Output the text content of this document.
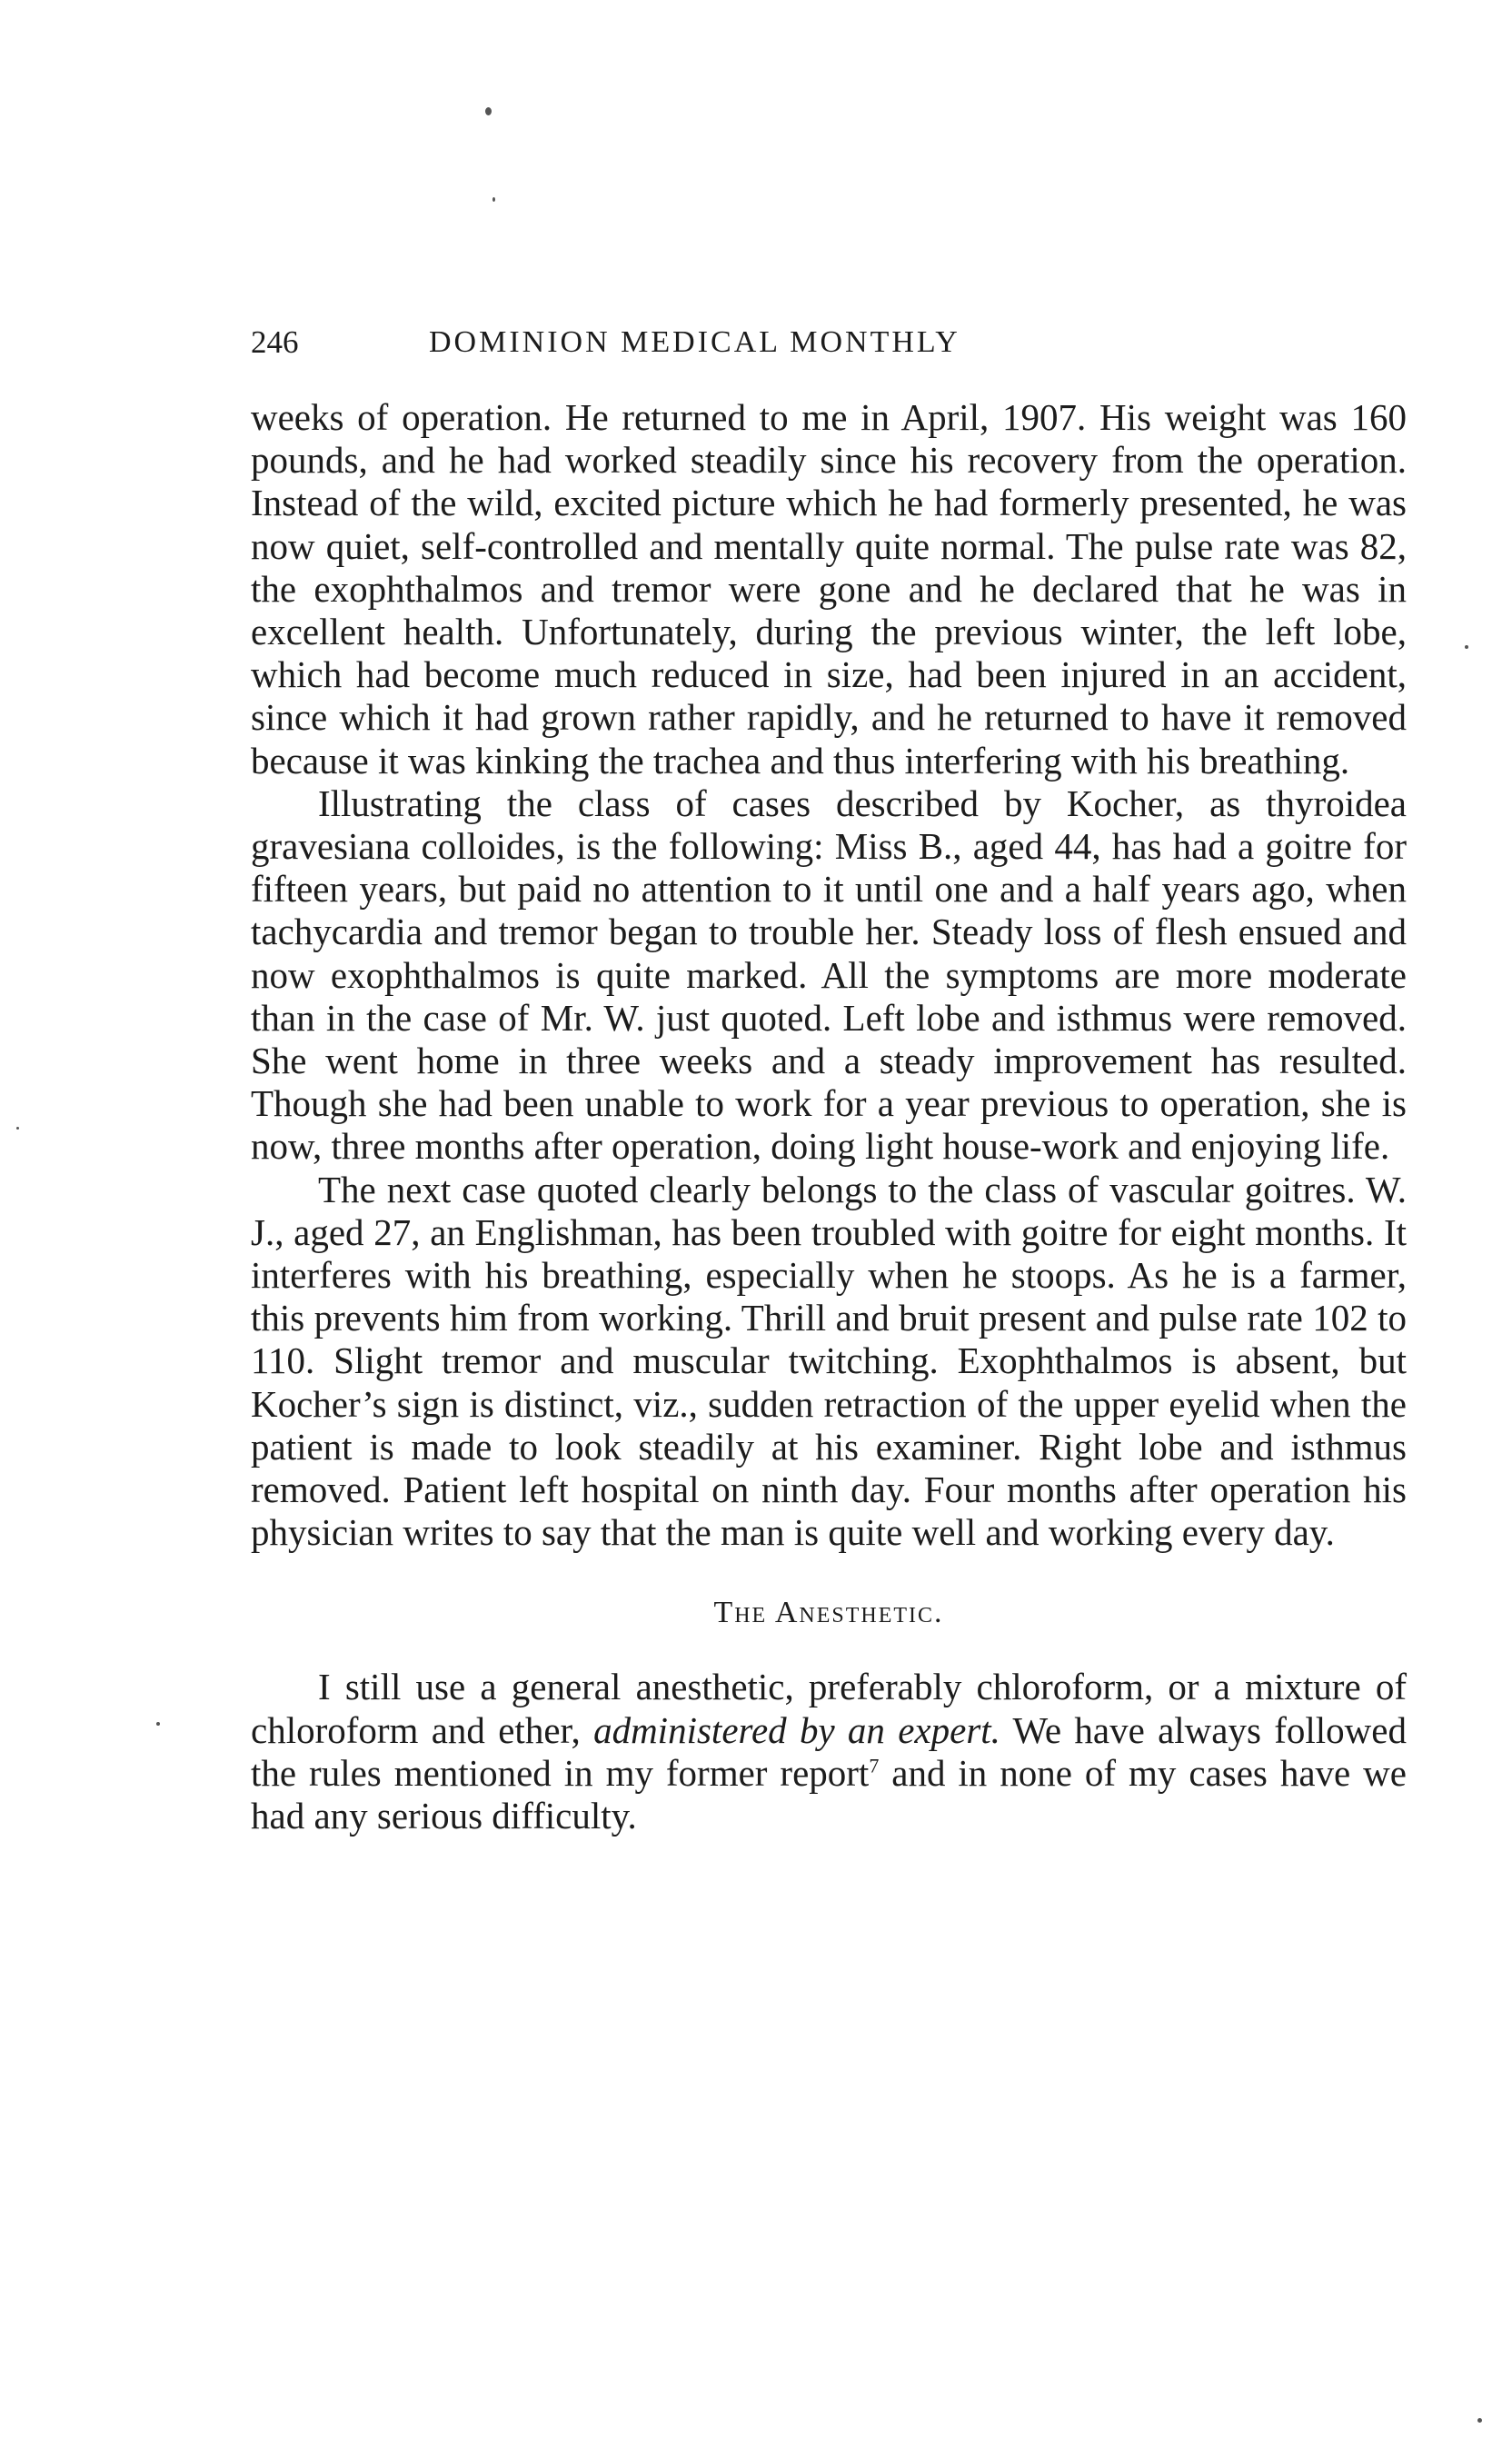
246	DOMINION MEDICAL MONTHLY

weeks of operation. He returned to me in April, 1907. His weight was 160 pounds, and he had worked steadily since his recovery from the operation. Instead of the wild, excited picture which he had formerly presented, he was now quiet, self-controlled and mentally quite normal. The pulse rate was 82, the exophthalmos and tremor were gone and he declared that he was in excellent health. Unfortunately, during the previous winter, the left lobe, which had become much reduced in size, had been injured in an accident, since which it had grown rather rapidly, and he returned to have it removed because it was kinking the trachea and thus interfering with his breathing.

Illustrating the class of cases described by Kocher, as thyroidea gravesiana colloides, is the following: Miss B., aged 44, has had a goitre for fifteen years, but paid no attention to it until one and a half years ago, when tachycardia and tremor began to trouble her. Steady loss of flesh ensued and now exophthalmos is quite marked. All the symptoms are more moderate than in the case of Mr. W. just quoted. Left lobe and isthmus were removed. She went home in three weeks and a steady improvement has resulted. Though she had been unable to work for a year previous to operation, she is now, three months after operation, doing light house-work and enjoying life.

The next case quoted clearly belongs to the class of vascular goitres. W. J., aged 27, an Englishman, has been troubled with goitre for eight months. It interferes with his breathing, especially when he stoops. As he is a farmer, this prevents him from working. Thrill and bruit present and pulse rate 102 to 110. Slight tremor and muscular twitching. Exophthalmos is absent, but Kocher’s sign is distinct, viz., sudden retraction of the upper eyelid when the patient is made to look steadily at his examiner. Right lobe and isthmus removed. Patient left hospital on ninth day. Four months after operation his physician writes to say that the man is quite well and working every day.

The Anesthetic.

I still use a general anesthetic, preferably chloroform, or a mixture of chloroform and ether, administered by an expert. We have always followed the rules mentioned in my former report$^7$ and in none of my cases have we had any serious difficulty.
